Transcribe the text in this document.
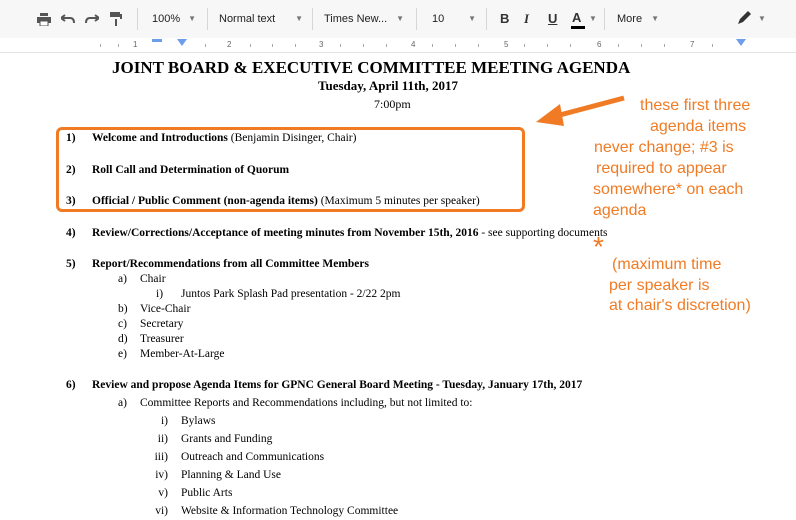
100% ▼ Normal text ▼ Times New... ▼	10	▼ B I U A ▼ More ▼	▼
1	2	3	4	5	6	7
JOINT BOARD & EXECUTIVE COMMITTEE MEETING AGENDA
Tuesday, April 11th, 2017
7:00pm
1) Welcome and Introductions (Benjamin Disinger, Chair)
2) Roll Call and Determination of Quorum
3) Official / Public Comment (non-agenda items) (Maximum 5 minutes per speaker)
4) Review/Corrections/Acceptance of meeting minutes from November 15th, 2016 - see supporting documents
5) Report/Recommendations from all Committee Members
a) Chair
i) Juntos Park Splash Pad presentation - 2/22 2pm
b) Vice-Chair
c) Secretary
d) Treasurer
e) Member-At-Large
6) Review and propose Agenda Items for GPNC General Board Meeting - Tuesday, January 17th, 2017
a) Committee Reports and Recommendations including, but not limited to:
i) Bylaws
ii) Grants and Funding
iii) Outreach and Communications
iv) Planning & Land Use
v) Public Arts
vi) Website & Information Technology Committee
these first three
agenda items
never change; #3 is
required to appear
somewhere* on each
agenda
*
(maximum time
per speaker is
at chair's discretion)
